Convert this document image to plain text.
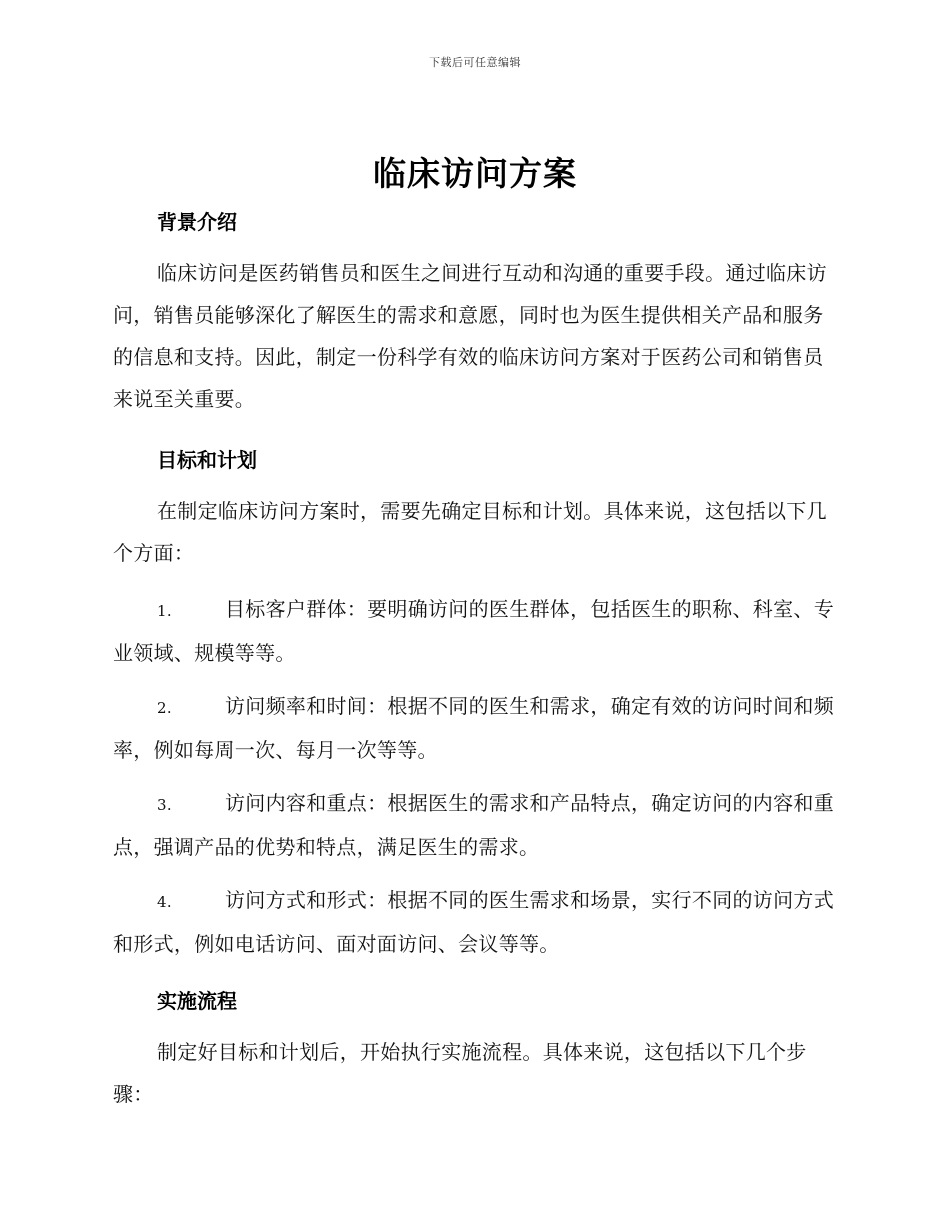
下载后可任意编辑
临床访问方案
背景介绍

临床访问是医药销售员和医生之间进行互动和沟通的重要手段。通过临床访问，销售员能够深化了解医生的需求和意愿，同时也为医生提供相关产品和服务的信息和支持。因此，制定一份科学有效的临床访问方案对于医药公司和销售员来说至关重要。

目标和计划

在制定临床访问方案时，需要先确定目标和计划。具体来说，这包括以下几个方面：

1.	目标客户群体：要明确访问的医生群体，包括医生的职称、科室、专业领域、规模等等。

2.	访问频率和时间：根据不同的医生和需求，确定有效的访问时间和频率，例如每周一次、每月一次等等。

3.	访问内容和重点：根据医生的需求和产品特点，确定访问的内容和重点，强调产品的优势和特点，满足医生的需求。

4.	访问方式和形式：根据不同的医生需求和场景，实行不同的访问方式和形式，例如电话访问、面对面访问、会议等等。

实施流程

制定好目标和计划后，开始执行实施流程。具体来说，这包括以下几个步骤：
